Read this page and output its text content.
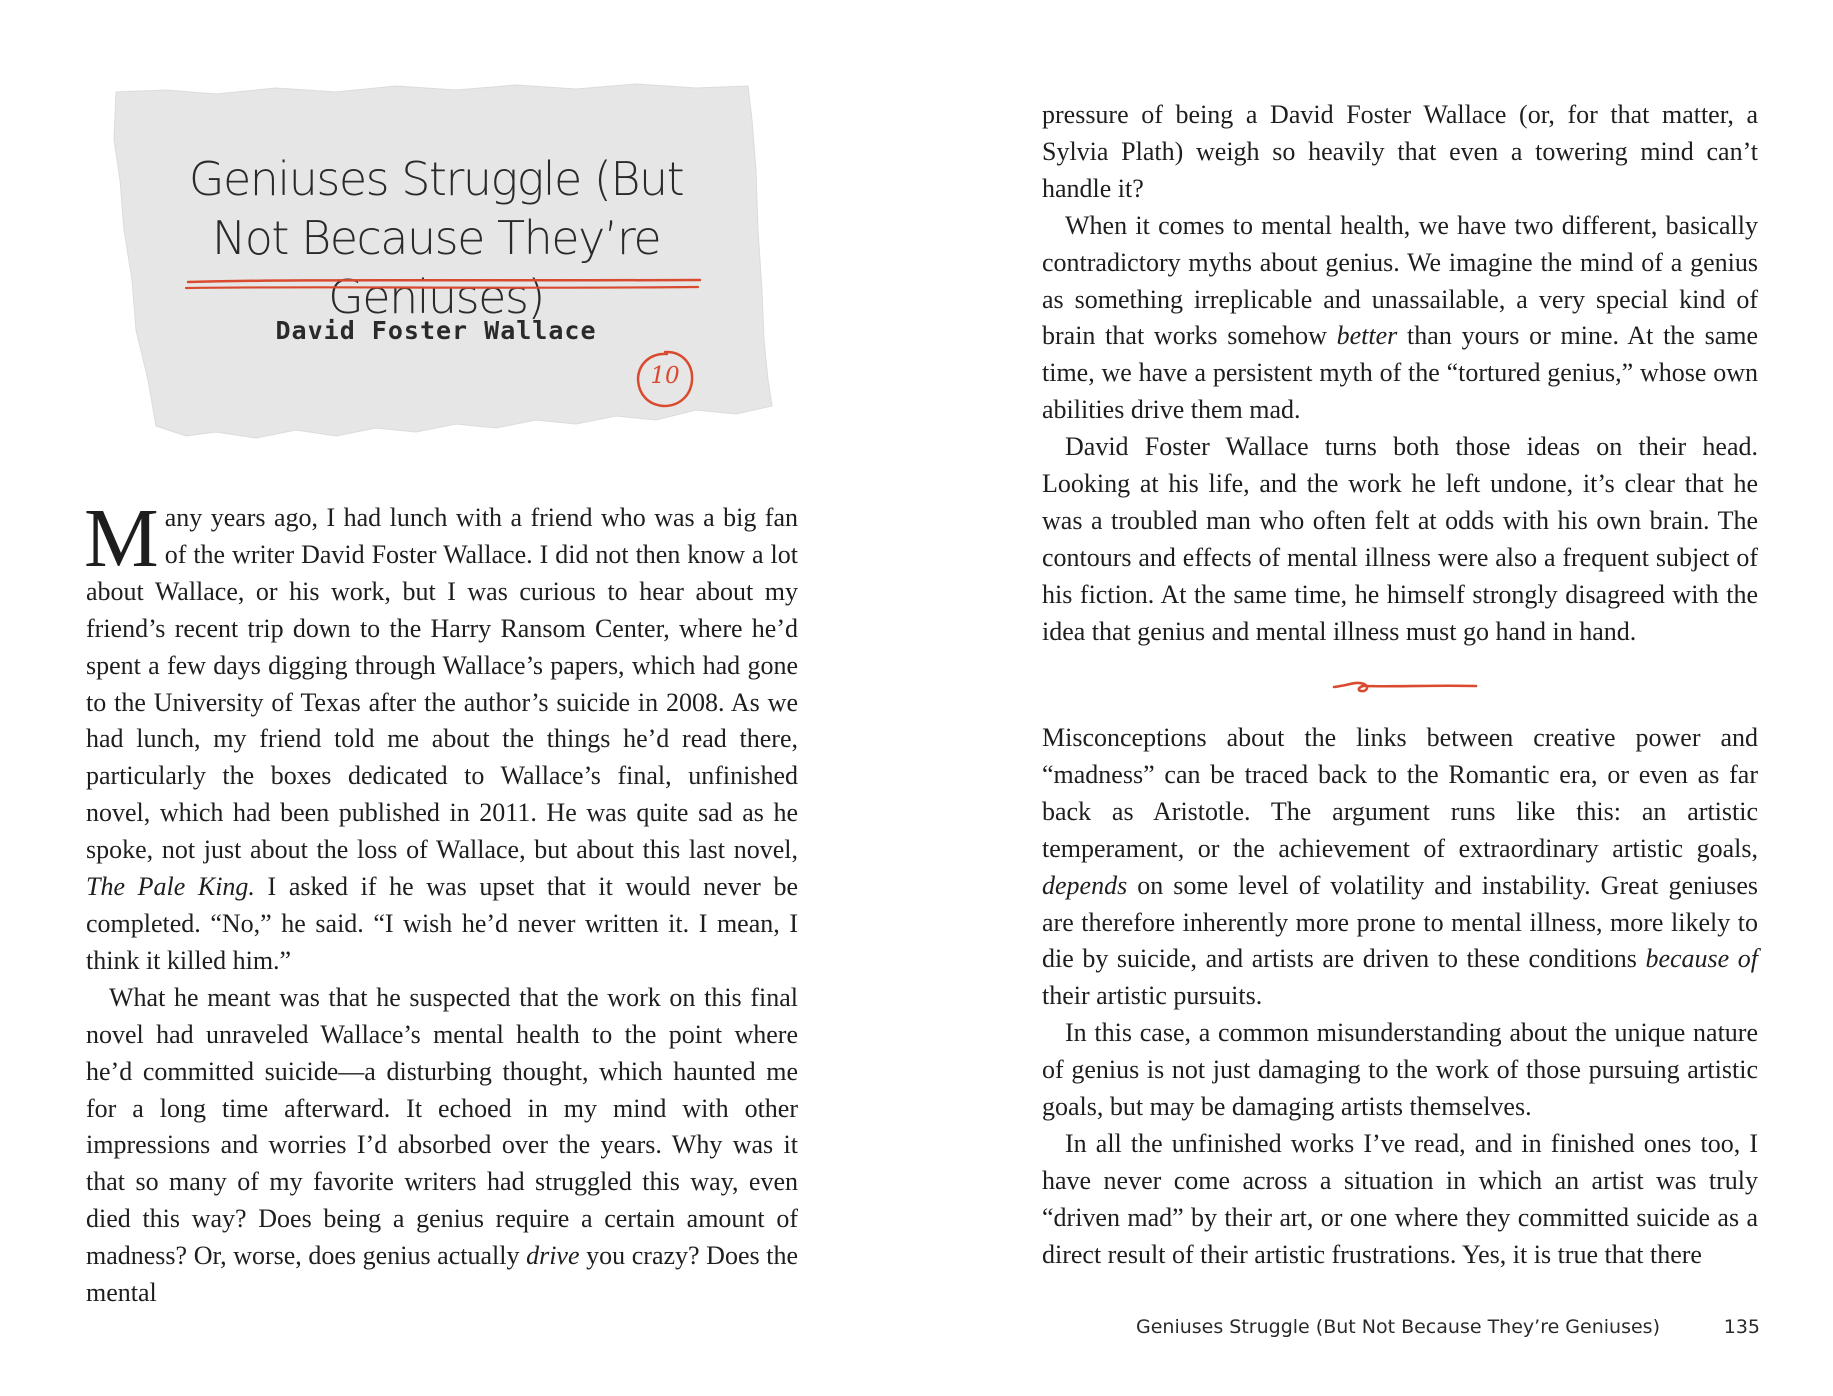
Geniuses Struggle (But Not Because They’re Geniuses)
David Foster Wallace
10

Many years ago, I had lunch with a friend who was a big fan of the writer David Foster Wallace. I did not then know a lot about Wallace, or his work, but I was curious to hear about my friend’s recent trip down to the Harry Ransom Center, where he’d spent a few days digging through Wallace’s papers, which had gone to the University of Texas after the author’s suicide in 2008. As we had lunch, my friend told me about the things he’d read there, particularly the boxes dedicated to Wallace’s final, unfinished novel, which had been published in 2011. He was quite sad as he spoke, not just about the loss of Wallace, but about this last novel, The Pale King. I asked if he was upset that it would never be completed. “No,” he said. “I wish he’d never written it. I mean, I think it killed him.”

What he meant was that he suspected that the work on this final novel had unraveled Wallace’s mental health to the point where he’d committed suicide—a disturbing thought, which haunted me for a long time afterward. It echoed in my mind with other impressions and worries I’d absorbed over the years. Why was it that so many of my favorite writers had struggled this way, even died this way? Does being a genius require a certain amount of madness? Or, worse, does genius actually drive you crazy? Does the mental

pressure of being a David Foster Wallace (or, for that matter, a Sylvia Plath) weigh so heavily that even a towering mind can’t handle it?

When it comes to mental health, we have two different, basically contradictory myths about genius. We imagine the mind of a genius as something irreplicable and unassailable, a very special kind of brain that works somehow better than yours or mine. At the same time, we have a persistent myth of the “tortured genius,” whose own abilities drive them mad.

David Foster Wallace turns both those ideas on their head. Looking at his life, and the work he left undone, it’s clear that he was a troubled man who often felt at odds with his own brain. The contours and effects of mental illness were also a frequent subject of his fiction. At the same time, he himself strongly disagreed with the idea that genius and mental illness must go hand in hand.

Misconceptions about the links between creative power and “madness” can be traced back to the Romantic era, or even as far back as Aristotle. The argument runs like this: an artistic temperament, or the achievement of extraordinary artistic goals, depends on some level of volatility and instability. Great geniuses are therefore inherently more prone to mental illness, more likely to die by suicide, and artists are driven to these conditions because of their artistic pursuits.

In this case, a common misunderstanding about the unique nature of genius is not just damaging to the work of those pursuing artistic goals, but may be damaging artists themselves.

In all the unfinished works I’ve read, and in finished ones too, I have never come across a situation in which an artist was truly “driven mad” by their art, or one where they committed suicide as a direct result of their artistic frustrations. Yes, it is true that there

Geniuses Struggle (But Not Because They’re Geniuses)	135
